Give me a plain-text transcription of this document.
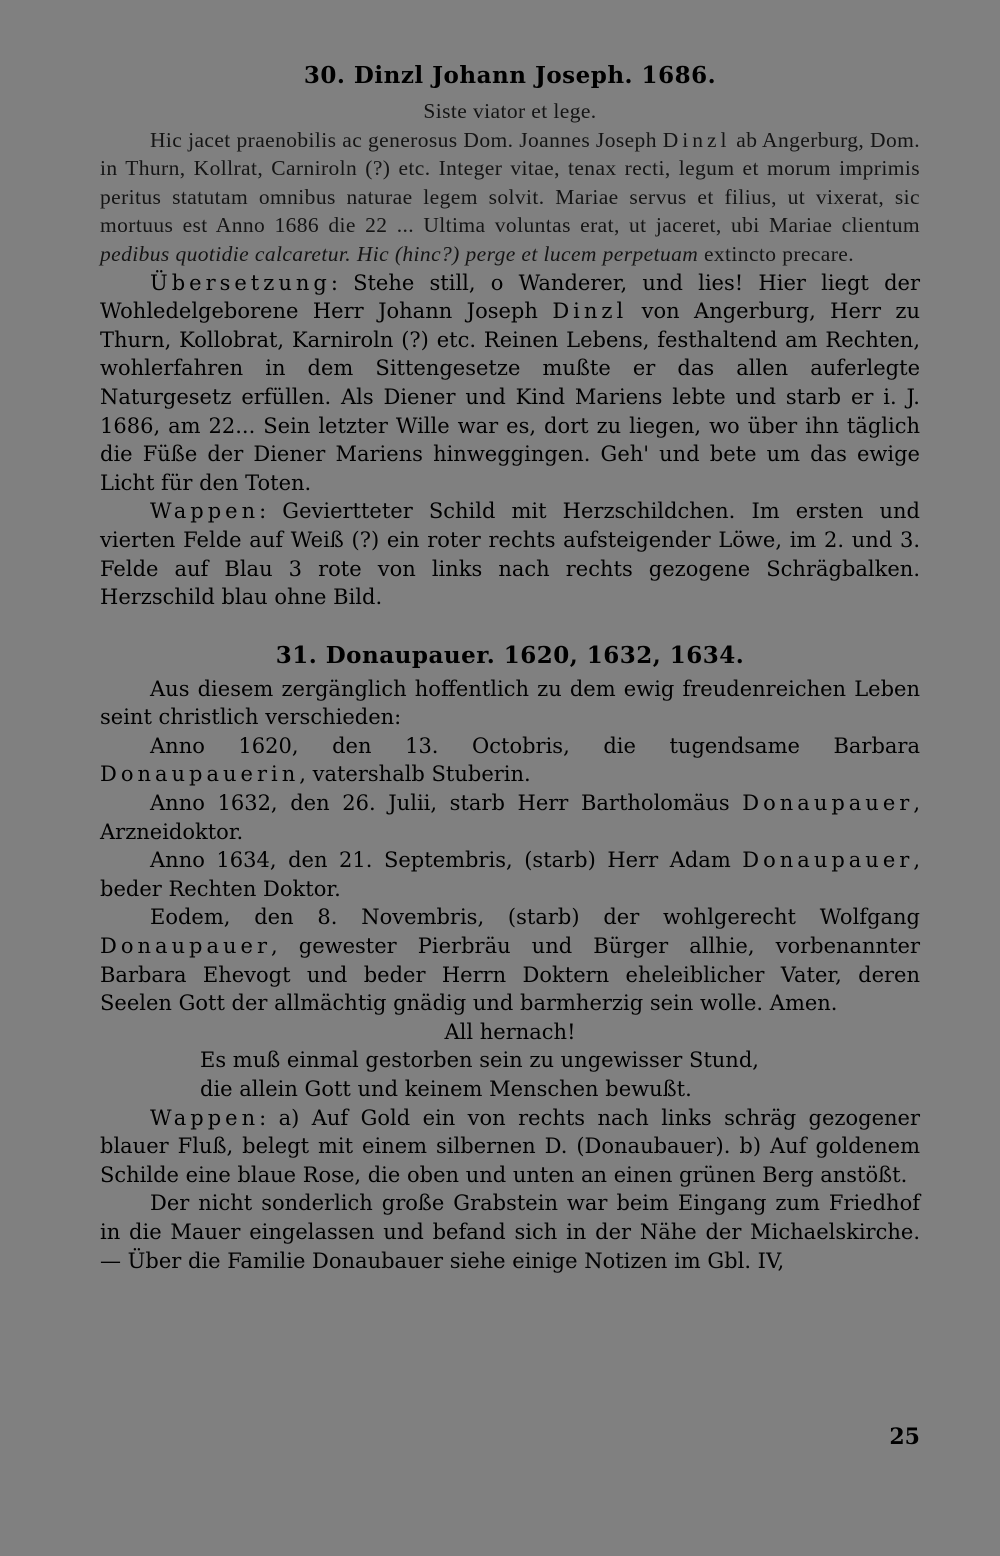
30. Dinzl Johann Joseph. 1686.

Siste viator et lege.

Hic jacet praenobilis ac generosus Dom. Joannes Joseph Dinzl ab Angerburg, Dom. in Thurn, Kollrat, Carniroln (?) etc. Integer vitae, tenax recti, legum et morum imprimis peritus statutam omnibus naturae legem solvit. Mariae servus et filius, ut vixerat, sic mortuus est Anno 1686 die 22 ... Ultima voluntas erat, ut jaceret, ubi Mariae clientum pedibus quotidie calcaretur. Hic (hinc?) perge et lucem perpetuam extincto precare.

Übersetzung: Stehe still, o Wanderer, und lies! Hier liegt der Wohledelgeborene Herr Johann Joseph Dinzl von Angerburg, Herr zu Thurn, Kollobrat, Karniroln (?) etc. Reinen Lebens, festhaltend am Rechten, wohlerfahren in dem Sittengesetze mußte er das allen auferlegte Naturgesetz erfüllen. Als Diener und Kind Mariens lebte und starb er i. J. 1686, am 22... Sein letzter Wille war es, dort zu liegen, wo über ihn täglich die Füße der Diener Mariens hinweggingen. Geh' und bete um das ewige Licht für den Toten.

Wappen: Geviertteter Schild mit Herzschildchen. Im ersten und vierten Felde auf Weiß (?) ein roter rechts aufsteigender Löwe, im 2. und 3. Felde auf Blau 3 rote von links nach rechts gezogene Schrägbalken. Herzschild blau ohne Bild.

31. Donaupauer. 1620, 1632, 1634.

Aus diesem zergänglich hoffentlich zu dem ewig freudenreichen Leben seint christlich verschieden:

Anno 1620, den 13. Octobris, die tugendsame Barbara Donaupauerin, vatershalb Stuberin.

Anno 1632, den 26. Julii, starb Herr Bartholomäus Donaupauer, Arzneidoktor.

Anno 1634, den 21. Septembris, (starb) Herr Adam Donaupauer, beder Rechten Doktor.

Eodem, den 8. Novembris, (starb) der wohlgerecht Wolfgang Donaupauer, gewester Pierbräu und Bürger allhie, vorbenannter Barbara Ehevogt und beder Herrn Doktern eheleiblicher Vater, deren Seelen Gott der allmächtig gnädig und barmherzig sein wolle. Amen.

All hernach!

Es muß einmal gestorben sein zu ungewisser Stund,
die allein Gott und keinem Menschen bewußt.

Wappen: a) Auf Gold ein von rechts nach links schräg gezogener blauer Fluß, belegt mit einem silbernen D. (Donaubauer). b) Auf goldenem Schilde eine blaue Rose, die oben und unten an einen grünen Berg anstößt.

Der nicht sonderlich große Grabstein war beim Eingang zum Friedhof in die Mauer eingelassen und befand sich in der Nähe der Michaelskirche. — Über die Familie Donaubauer siehe einige Notizen im Gbl. IV,

25
